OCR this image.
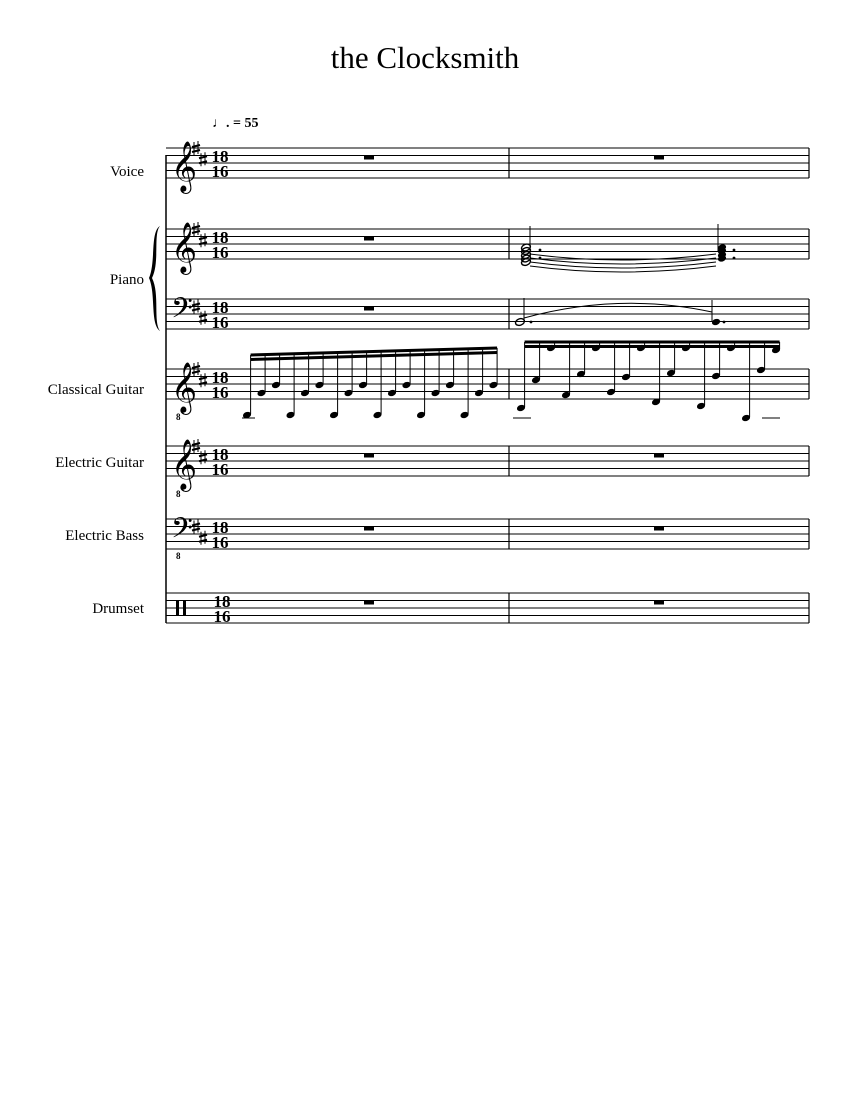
the Clocksmith
♩. = 55
Voice
Piano
Classical Guitar
Electric Guitar
Electric Bass
Drumset
𝄞
𝄞
𝄢
𝄞
8
𝄞
8
𝄢
8
18
16
18
16
18
16
18
16
18
16
18
16
18
16
